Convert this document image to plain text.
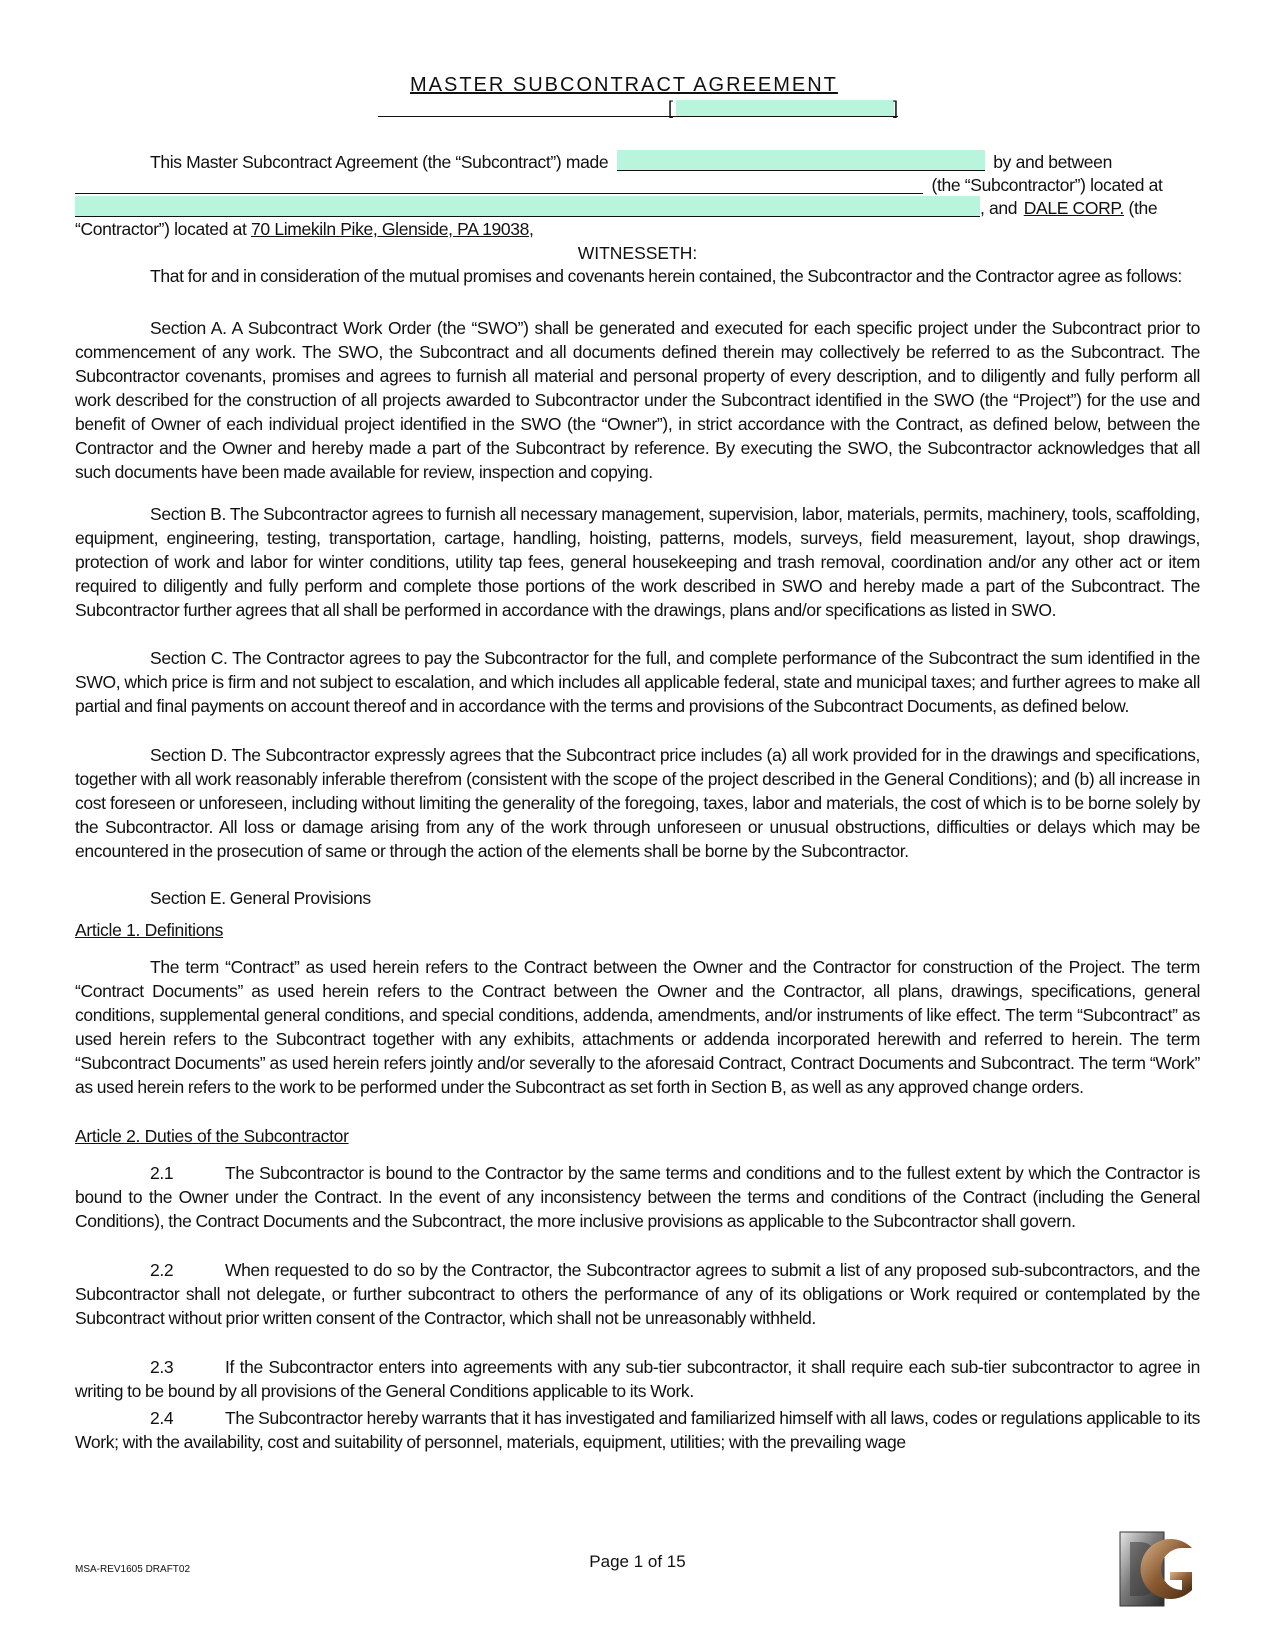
MASTER SUBCONTRACT AGREEMENT
[	]
This Master Subcontract Agreement (the “Subcontract”) made	by and between
(the “Subcontractor”) located at
, and DALE CORP. (the
“Contractor”) located at 70 Limekiln Pike, Glenside, PA 19038,
WITNESSETH:
That for and in consideration of the mutual promises and covenants herein contained, the Subcontractor and the Contractor agree as follows:
Section A. A Subcontract Work Order (the “SWO”) shall be generated and executed for each specific project under the Subcontract prior to commencement of any work. The SWO, the Subcontract and all documents defined therein may collectively be referred to as the Subcontract. The Subcontractor covenants, promises and agrees to furnish all material and personal property of every description, and to diligently and fully perform all work described for the construction of all projects awarded to Subcontractor under the Subcontract identified in the SWO (the “Project”) for the use and benefit of Owner of each individual project identified in the SWO (the “Owner”), in strict accordance with the Contract, as defined below, between the Contractor and the Owner and hereby made a part of the Subcontract by reference. By executing the SWO, the Subcontractor acknowledges that all such documents have been made available for review, inspection and copying.
Section B. The Subcontractor agrees to furnish all necessary management, supervision, labor, materials, permits, machinery, tools, scaffolding, equipment, engineering, testing, transportation, cartage, handling, hoisting, patterns, models, surveys, field measurement, layout, shop drawings, protection of work and labor for winter conditions, utility tap fees, general housekeeping and trash removal, coordination and/or any other act or item required to diligently and fully perform and complete those portions of the work described in SWO and hereby made a part of the Subcontract. The Subcontractor further agrees that all shall be performed in accordance with the drawings, plans and/or specifications as listed in SWO.
Section C. The Contractor agrees to pay the Subcontractor for the full, and complete performance of the Subcontract the sum identified in the SWO, which price is firm and not subject to escalation, and which includes all applicable federal, state and municipal taxes; and further agrees to make all partial and final payments on account thereof and in accordance with the terms and provisions of the Subcontract Documents, as defined below.
Section D. The Subcontractor expressly agrees that the Subcontract price includes (a) all work provided for in the drawings and specifications, together with all work reasonably inferable therefrom (consistent with the scope of the project described in the General Conditions); and (b) all increase in cost foreseen or unforeseen, including without limiting the generality of the foregoing, taxes, labor and materials, the cost of which is to be borne solely by the Subcontractor. All loss or damage arising from any of the work through unforeseen or unusual obstructions, difficulties or delays which may be encountered in the prosecution of same or through the action of the elements shall be borne by the Subcontractor.
Section E. General Provisions
Article 1. Definitions
The term “Contract” as used herein refers to the Contract between the Owner and the Contractor for construction of the Project. The term “Contract Documents” as used herein refers to the Contract between the Owner and the Contractor, all plans, drawings, specifications, general conditions, supplemental general conditions, and special conditions, addenda, amendments, and/or instruments of like effect. The term “Subcontract” as used herein refers to the Subcontract together with any exhibits, attachments or addenda incorporated herewith and referred to herein. The term “Subcontract Documents” as used herein refers jointly and/or severally to the aforesaid Contract, Contract Documents and Subcontract. The term “Work” as used herein refers to the work to be performed under the Subcontract as set forth in Section B, as well as any approved change orders.
Article 2. Duties of the Subcontractor
2.1	The Subcontractor is bound to the Contractor by the same terms and conditions and to the fullest extent by which the Contractor is bound to the Owner under the Contract. In the event of any inconsistency between the terms and conditions of the Contract (including the General Conditions), the Contract Documents and the Subcontract, the more inclusive provisions as applicable to the Subcontractor shall govern.
2.2	When requested to do so by the Contractor, the Subcontractor agrees to submit a list of any proposed sub-subcontractors, and the Subcontractor shall not delegate, or further subcontract to others the performance of any of its obligations or Work required or contemplated by the Subcontract without prior written consent of the Contractor, which shall not be unreasonably withheld.
2.3	If the Subcontractor enters into agreements with any sub-tier subcontractor, it shall require each sub-tier subcontractor to agree in writing to be bound by all provisions of the General Conditions applicable to its Work.
2.4	The Subcontractor hereby warrants that it has investigated and familiarized himself with all laws, codes or regulations applicable to its Work; with the availability, cost and suitability of personnel, materials, equipment, utilities; with the prevailing wage
MSA-REV1605 DRAFT02	Page 1 of 15
